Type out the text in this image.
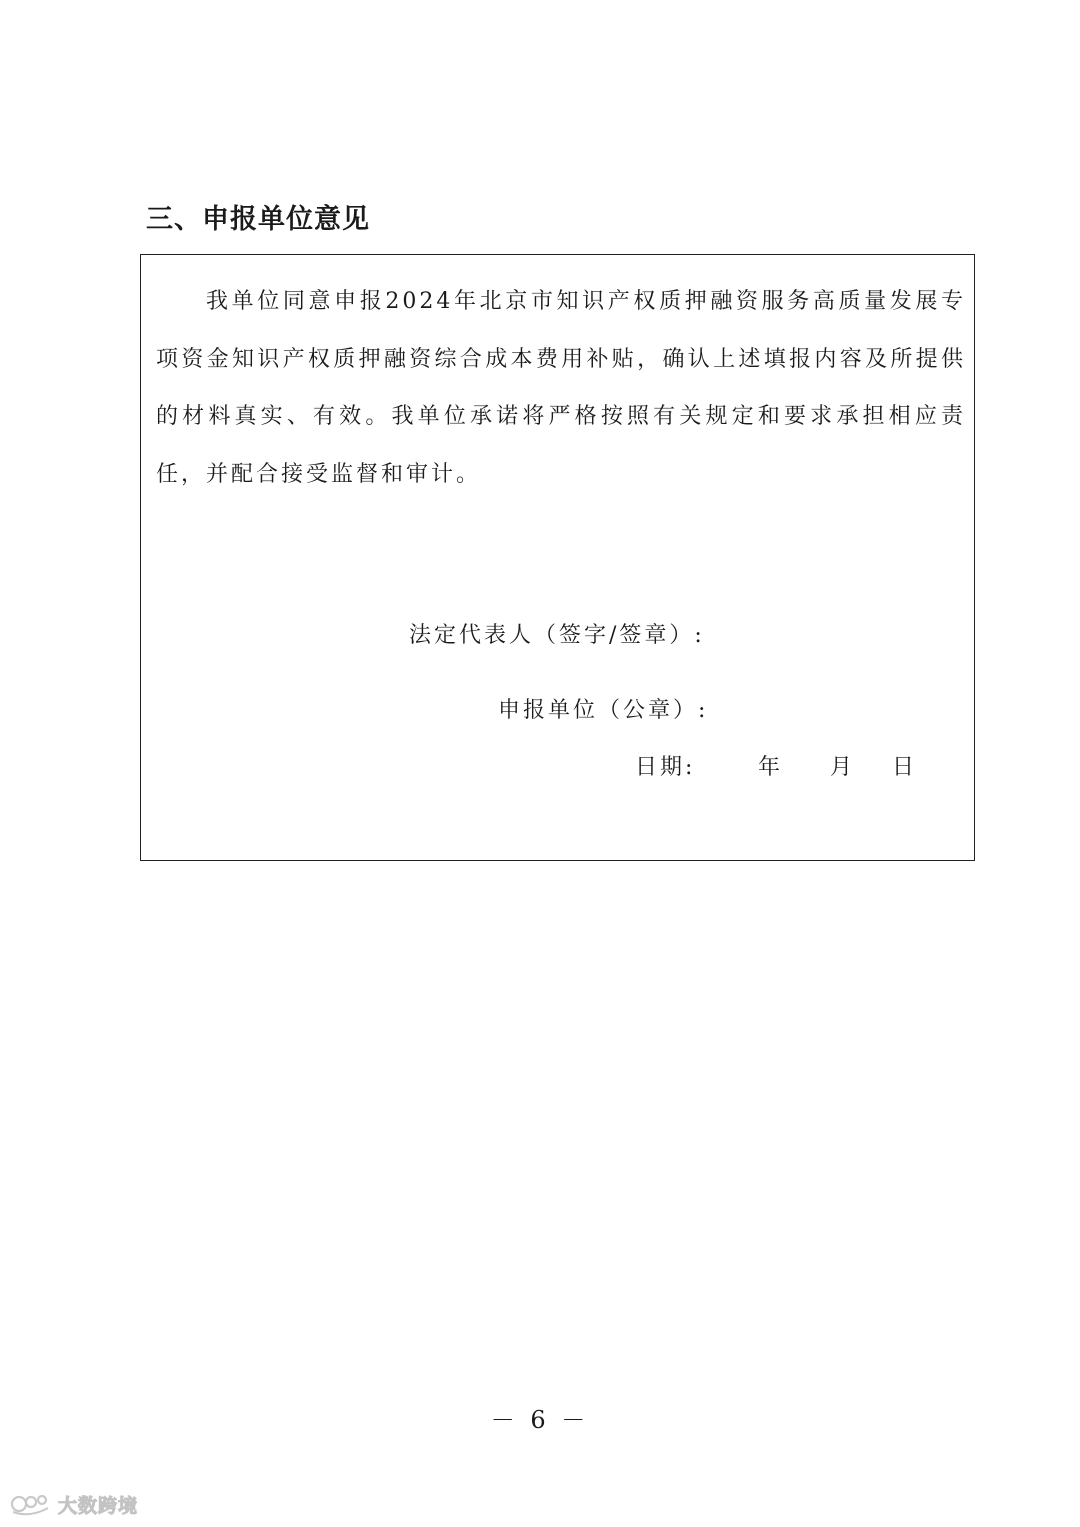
三、申报单位意见

我单位同意申报2024年北京市知识产权质押融资服务高质量发展专项资金知识产权质押融资综合成本费用补贴，确认上述填报内容及所提供的材料真实、有效。我单位承诺将严格按照有关规定和要求承担相应责任，并配合接受监督和审计。

法定代表人（签字/签章）:
申报单位（公章）:
日期:	年 月 日
－ 6 －
大数跨境
